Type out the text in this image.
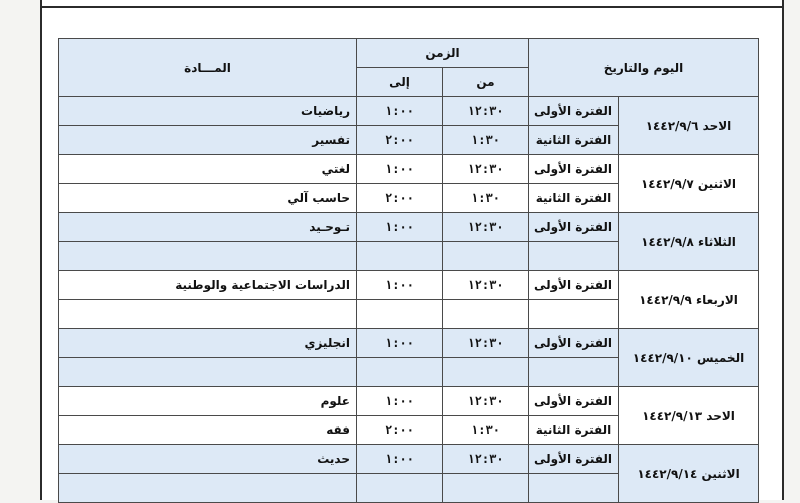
اليوم والتاريخ		الزمن		المـــادة
		من	إلى	
الاحد ١٤٤٢/٩/٦	الفترة الأولى	١٢:٣٠	١:٠٠	رياضيات
	الفترة الثانية	١:٣٠	٢:٠٠	تفسير
الاثنين ١٤٤٢/٩/٧	الفترة الأولى	١٢:٣٠	١:٠٠	لغتي
	الفترة الثانية	١:٣٠	٢:٠٠	حاسب آلي
الثلاثاء ١٤٤٢/٩/٨	الفترة الأولى	١٢:٣٠	١:٠٠	تـوحـيد

الاربعاء ١٤٤٢/٩/٩	الفترة الأولى	١٢:٣٠	١:٠٠	الدراسات الاجتماعية والوطنية

الخميس ١٤٤٢/٩/١٠	الفترة الأولى	١٢:٣٠	١:٠٠	انجليزي

الاحد ١٤٤٢/٩/١٣	الفترة الأولى	١٢:٣٠	١:٠٠	علوم
	الفترة الثانية	١:٣٠	٢:٠٠	فقه
الاثنين ١٤٤٢/٩/١٤	الفترة الأولى	١٢:٣٠	١:٠٠	حديث
